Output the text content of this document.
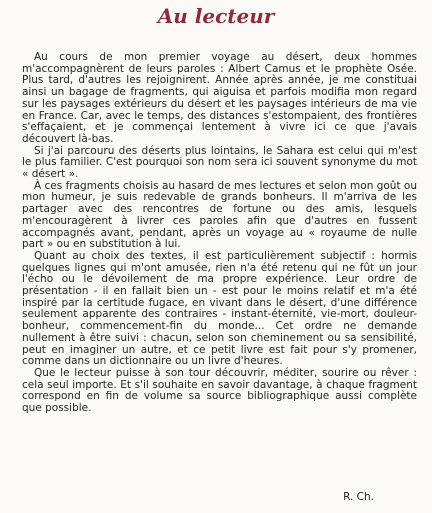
Au lecteur

Au cours de mon premier voyage au désert, deux hommes m'accompagnèrent de leurs paroles : Albert Camus et le prophète Osée. Plus tard, d'autres les rejoignirent. Année après année, je me constituai ainsi un bagage de fragments, qui aiguisa et parfois modifia mon regard sur les paysages extérieurs du désert et les paysages intérieurs de ma vie en France. Car, avec le temps, des distances s'estompaient, des frontières s'effaçaient, et je commençai lentement à vivre ici ce que j'avais découvert là-bas.

Si j'ai parcouru des déserts plus lointains, le Sahara est celui qui m'est le plus familier. C'est pourquoi son nom sera ici souvent synonyme du mot « désert ».

À ces fragments choisis au hasard de mes lectures et selon mon goût ou mon humeur, je suis redevable de grands bonheurs. Il m'arriva de les partager avec des rencontres de fortune ou des amis, lesquels m'encouragèrent à livrer ces paroles afin que d'autres en fussent accompagnés avant, pendant, après un voyage au « royaume de nulle part » ou en substitution à lui.

Quant au choix des textes, il est particulièrement subjectif : hormis quelques lignes qui m'ont amusée, rien n'a été retenu qui ne fût un jour l'écho ou le dévoilement de ma propre expérience. Leur ordre de présentation - il en fallait bien un - est pour le moins relatif et m'a été inspiré par la certitude fugace, en vivant dans le désert, d'une différence seulement apparente des contraires - instant-éternité, vie-mort, douleur-bonheur, commencement-fin du monde... Cet ordre ne demande nullement à être suivi : chacun, selon son cheminement ou sa sensibilité, peut en imaginer un autre, et ce petit livre est fait pour s'y promener, comme dans un dictionnaire ou un livre d'heures.

Que le lecteur puisse à son tour découvrir, méditer, sourire ou rêver : cela seul importe. Et s'il souhaite en savoir davantage, à chaque fragment correspond en fin de volume sa source bibliographique aussi complète que possible.

R. Ch.
